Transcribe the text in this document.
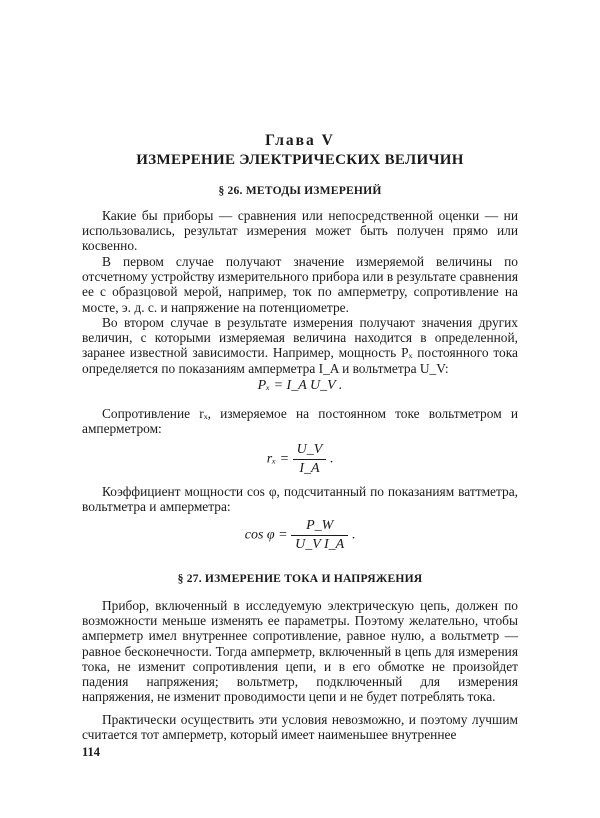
Глава V
ИЗМЕРЕНИЕ ЭЛЕКТРИЧЕСКИХ ВЕЛИЧИН
§ 26. МЕТОДЫ ИЗМЕРЕНИЙ

Какие бы приборы — сравнения или непосредственной оценки — ни использовались, результат измерения может быть получен прямо или косвенно.

В первом случае получают значение измеряемой величины по отсчетному устройству измерительного прибора или в результате сравнения ее с образцовой мерой, например, ток по амперметру, сопротивление на мосте, э. д. с. и напряжение на потенциометре.

Во втором случае в результате измерения получают значения других величин, с которыми измеряемая величина находится в определенной, заранее известной зависимости. Например, мощность Pₓ постоянного тока определяется по показаниям амперметра I_A и вольтметра U_V:

Pₓ = I_A U_V .

Сопротивление rₓ, измеряемое на постоянном токе вольтметром и амперметром:

$r_x = \frac{U\_V}{I\_A}$ .

Коэффициент мощности cos φ, подсчитанный по показаниям ваттметра, вольтметра и амперметра:

$\cos \varphi = \frac{P\_W}{\text{U\_V I\_A}}$ .
§ 27. ИЗМЕРЕНИЕ ТОКА И НАПРЯЖЕНИЯ

Прибор, включенный в исследуемую электрическую цепь, должен по возможности меньше изменять ее параметры. Поэтому желательно, чтобы амперметр имел внутреннее сопротивление, равное нулю, а вольтметр — равное бесконечности. Тогда амперметр, включенный в цепь для измерения тока, не изменит сопротивления цепи, и в его обмотке не произойдет падения напряжения; вольтметр, подключенный для измерения напряжения, не изменит проводимости цепи и не будет потреблять тока.

Практически осуществить эти условия невозможно, и поэтому лучшим считается тот амперметр, который имеет наименьшее внутреннее

114
